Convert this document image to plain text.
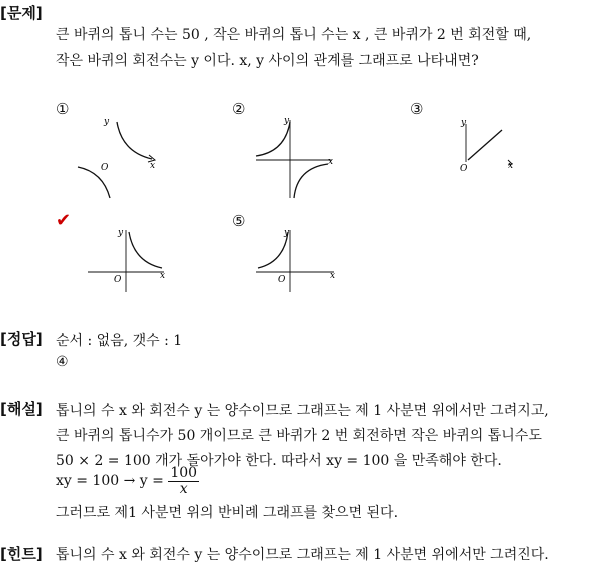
[문제]
큰 바퀴의 톱니 수는 50 , 작은 바퀴의 톱니 수는 x , 큰 바퀴가 2 번 회전할 때,
작은 바퀴의 회전수는 y 이다. x, y 사이의 관계를 그래프로 나타내면?
①	②	③
⑤
✔
y
x
O
y
x
y
x
O
y
x
O
y
x
O
[정답] 순서 : 없음, 갯수 : 1
④
[해설] 톱니의 수 x 와 회전수 y 는 양수이므로 그래프는 제 1 사분면 위에서만 그려지고,
큰 바퀴의 톱니수가 50 개이므로 큰 바퀴가 2 번 회전하면 작은 바퀴의 톱니수도
50 × 2 = 100 개가 돌아가야 한다. 따라서 xy = 100 을 만족해야 한다.
xy = $100 \to y = \frac{100}{x}$
그러므로 제1 사분면 위의 반비례 그래프를 찾으면 된다.
[힌트] 톱니의 수 x 와 회전수 y 는 양수이므로 그래프는 제 1 사분면 위에서만 그려진다.
